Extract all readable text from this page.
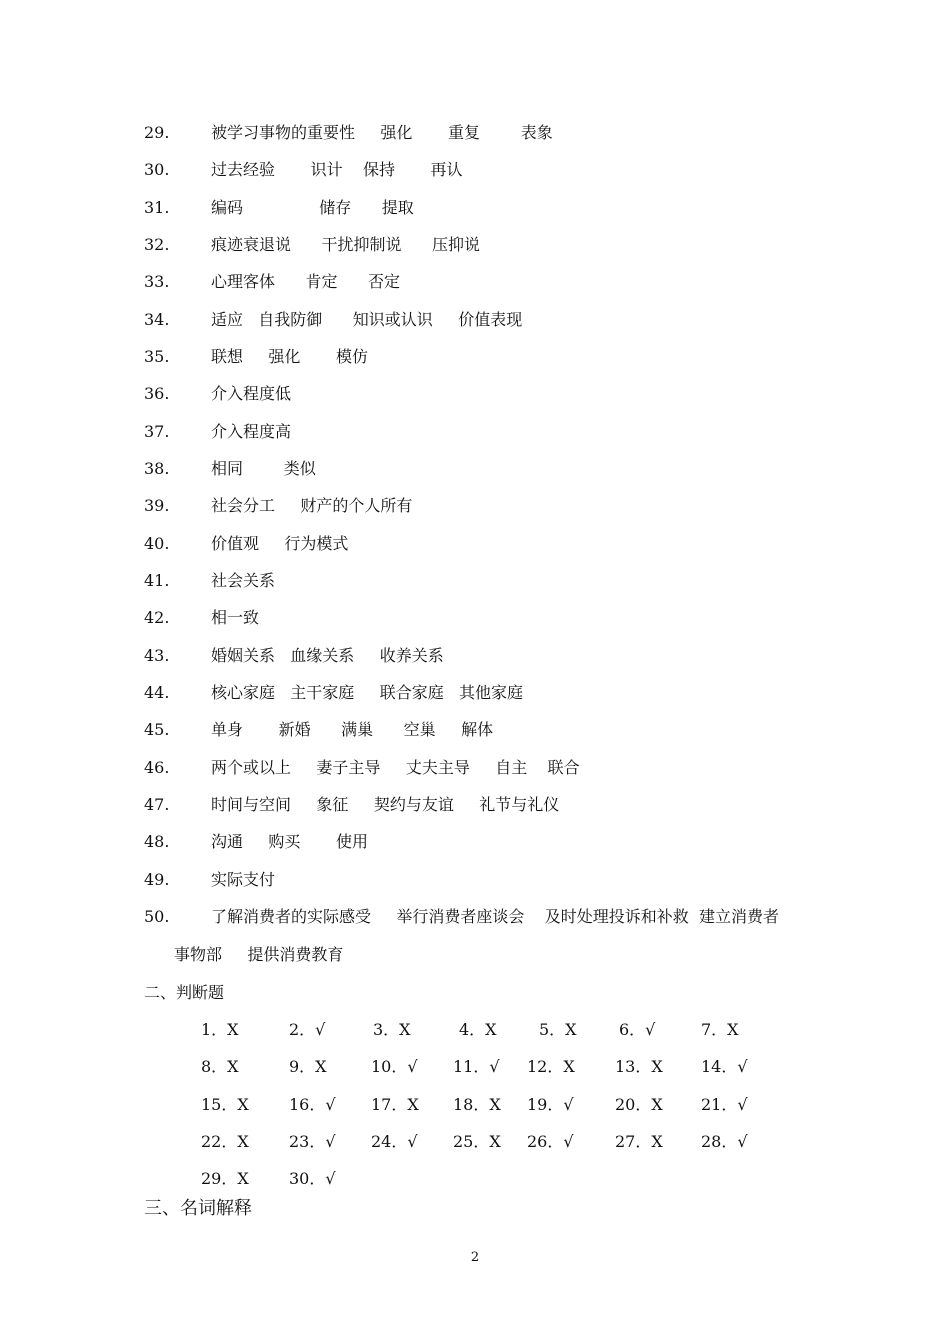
29.	被学习事物的重要性     强化       重复        表象
30.	过去经验       识计    保持       再认
31.	编码               储存      提取
32.	痕迹衰退说      干扰抑制说      压抑说
33.	心理客体      肯定      否定
34.	适应   自我防御      知识或认识     价值表现
35.	联想     强化       模仿
36.	介入程度低
37.	介入程度高
38.	相同        类似
39.	社会分工     财产的个人所有
40.	价值观     行为模式
41.	社会关系
42.	相一致
43.	婚姻关系   血缘关系     收养关系
44.	核心家庭   主干家庭     联合家庭   其他家庭
45.	单身       新婚      满巢      空巢     解体
46.	两个或以上     妻子主导     丈夫主导     自主    联合
47.	时间与空间     象征     契约与友谊     礼节与礼仪
48.	沟通     购买       使用
49.	实际支付
50.	了解消费者的实际感受     举行消费者座谈会    及时处理投诉和补救  建立消费者
事物部     提供消费教育
二、判断题
1．X	2．√	3．X	4．X	5．X	6．√	7．X
8．X	9．X	10．√ 11．√ 12．X	13．X 14．√
15．X	16．√ 17．X 18．X 19．√	20．X 21．√
22．X	23．√ 24．√ 25．X 26．√	27．X 28．√
29．X	30．√
三、名词解释
2
